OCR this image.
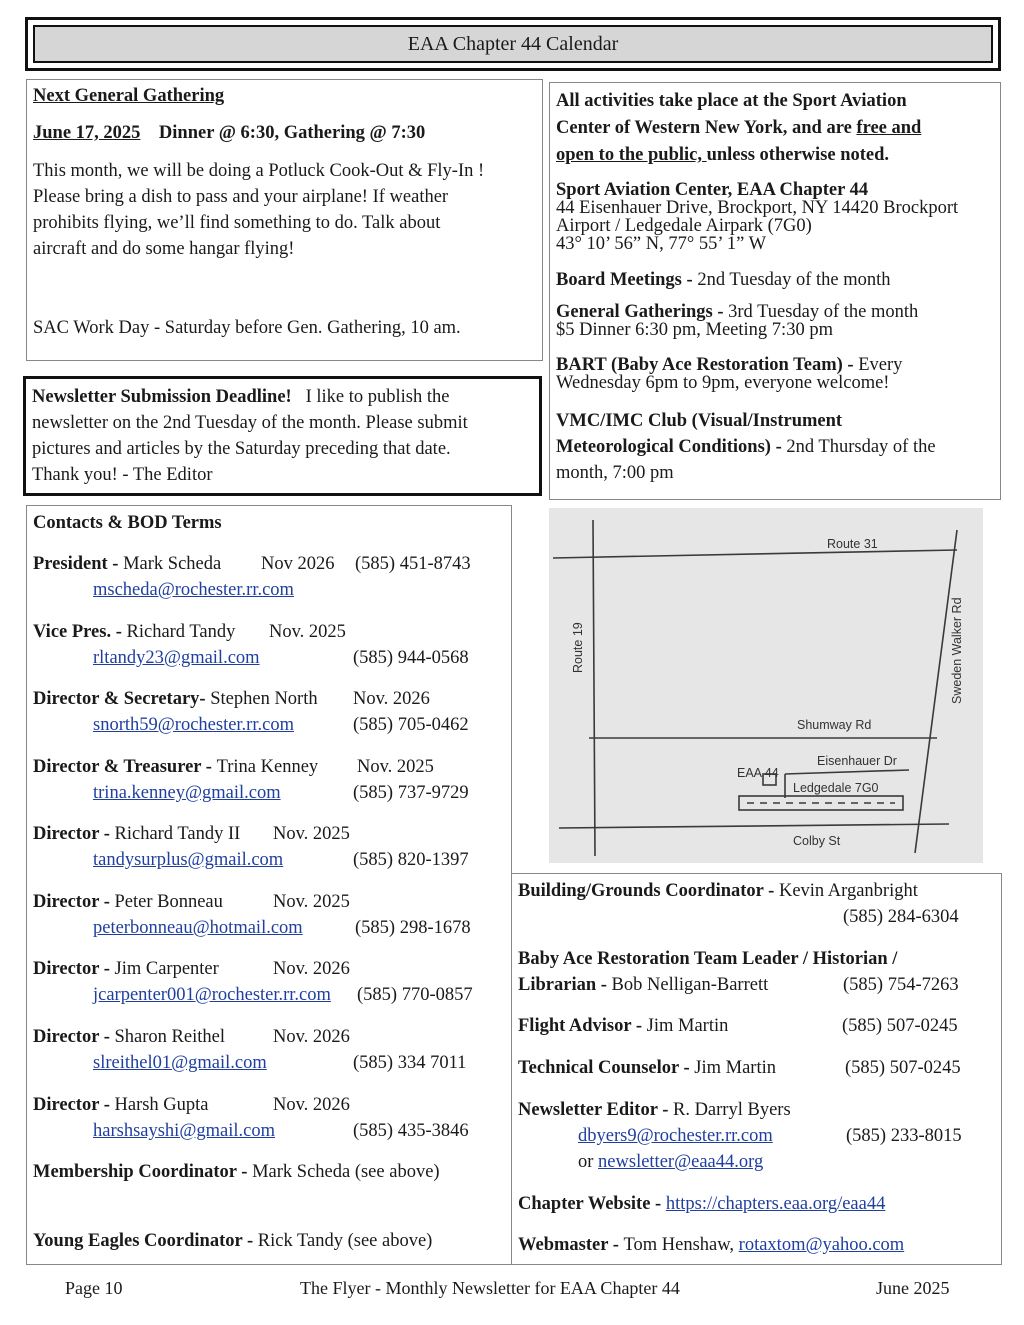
EAA Chapter 44 Calendar
Next General Gathering
June 17, 2025 Dinner @ 6:30, Gathering @ 7:30
This month, we will be doing a Potluck Cook-Out & Fly-In !
Please bring a dish to pass and your airplane! If weather
prohibits flying, we’ll find something to do. Talk about
aircraft and do some hangar flying!
SAC Work Day - Saturday before Gen. Gathering, 10 am.
Newsletter Submission Deadline! I like to publish the
newsletter on the 2nd Tuesday of the month. Please submit
pictures and articles by the Saturday preceding that date.
Thank you! - The Editor
All activities take place at the Sport Aviation
Center of Western New York, and are free and
open to the public, unless otherwise noted.
Sport Aviation Center, EAA Chapter 44
44 Eisenhauer Drive, Brockport, NY 14420 Brockport
Airport / Ledgedale Airpark (7G0)
43° 10’ 56” N, 77° 55’ 1” W
Board Meetings - 2nd Tuesday of the month
General Gatherings - 3rd Tuesday of the month
$5 Dinner 6:30 pm, Meeting 7:30 pm
BART (Baby Ace Restoration Team) - Every
Wednesday 6pm to 9pm, everyone welcome!
VMC/IMC Club (Visual/Instrument
Meteorological Conditions) - 2nd Thursday of the
month, 7:00 pm
Contacts & BOD Terms
President - Mark Scheda Nov 2026 (585) 451-8743
mscheda@rochester.rr.com
Vice Pres. - Richard Tandy Nov. 2025
rltandy23@gmail.com	(585) 944-0568
Director & Secretary- Stephen North Nov. 2026
snorth59@rochester.rr.com	(585) 705-0462
Director & Treasurer - Trina Kenney Nov. 2025
trina.kenney@gmail.com	(585) 737-9729
Director - Richard Tandy II Nov. 2025
tandysurplus@gmail.com	(585) 820-1397
Director - Peter Bonneau	Nov. 2025
peterbonneau@hotmail.com	(585) 298-1678
Director - Jim Carpenter	Nov. 2026
jcarpenter001@rochester.rr.com (585) 770-0857
Director - Sharon Reithel	Nov. 2026
slreithel01@gmail.com	(585) 334 7011
Director - Harsh Gupta	Nov. 2026
harshsayshi@gmail.com	(585) 435-3846
Membership Coordinator - Mark Scheda (see above)
Young Eagles Coordinator - Rick Tandy (see above)
Route 31
Route 19	Sweden Walker Rd
Shumway Rd
Eisenhauer Dr
EAA 44
Ledgedale 7G0
Colby St
Building/Grounds Coordinator - Kevin Arganbright
(585) 284-6304
Baby Ace Restoration Team Leader / Historian /
Librarian - Bob Nelligan-Barrett	(585) 754-7263
Flight Advisor - Jim Martin	(585) 507-0245
Technical Counselor - Jim Martin	(585) 507-0245
Newsletter Editor - R. Darryl Byers
dbyers9@rochester.rr.com	(585) 233-8015
or newsletter@eaa44.org
Chapter Website - https://chapters.eaa.org/eaa44
Webmaster - Tom Henshaw, rotaxtom@yahoo.com
Page 10	The Flyer - Monthly Newsletter for EAA Chapter 44	June 2025
